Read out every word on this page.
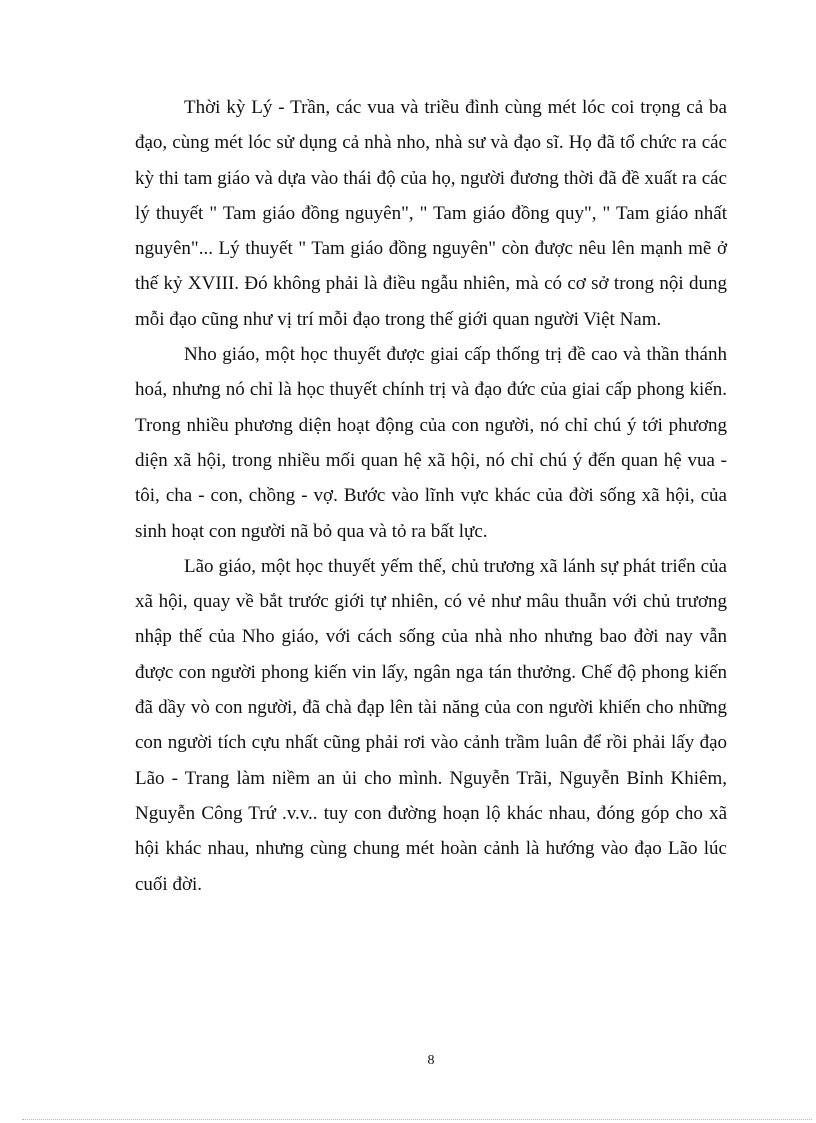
Thời kỳ Lý - Trần, các vua và triều đình cùng mét lóc coi trọng cả ba đạo, cùng mét lóc sử dụng cả nhà nho, nhà sư và đạo sĩ. Họ đã tổ chức ra các kỳ thi tam giáo và dựa vào thái độ của họ, người đương thời đã đề xuất ra các lý thuyết " Tam giáo đồng nguyên", " Tam giáo đồng quy", " Tam giáo nhất nguyên"... Lý thuyết " Tam giáo đồng nguyên" còn được nêu lên mạnh mẽ ở thế kỷ XVIII. Đó không phải là điều ngẫu nhiên, mà có cơ sở trong nội dung mỗi đạo cũng như vị trí mỗi đạo trong thế giới quan người Việt Nam.

Nho giáo, một học thuyết được giai cấp thống trị đề cao và thần thánh hoá, nhưng nó chỉ là học thuyết chính trị và đạo đức của giai cấp phong kiến. Trong nhiều phương diện hoạt động của con người, nó chỉ chú ý tới phương diện xã hội, trong nhiều mối quan hệ xã hội, nó chỉ chú ý đến quan hệ vua - tôi, cha - con, chồng - vợ. Bước vào lĩnh vực khác của đời sống xã hội, của sinh hoạt con người nã bỏ qua và tỏ ra bất lực.

Lão giáo, một học thuyết yếm thế, chủ trương xã lánh sự phát triển của xã hội, quay về bắt trước giới tự nhiên, có vẻ như mâu thuẫn với chủ trương nhập thế của Nho giáo, với cách sống của nhà nho nhưng bao đời nay vẫn được con người phong kiến vin lấy, ngân nga tán thưởng. Chế độ phong kiến đã dầy vò con người, đã chà đạp lên tài năng của con người khiến cho những con người tích cựu nhất cũng phải rơi vào cảnh trầm luân để rồi phải lấy đạo Lão - Trang làm niềm an ủi cho mình. Nguyễn Trãi, Nguyễn Bỉnh Khiêm, Nguyễn Công Trứ .v.v.. tuy con đường hoạn lộ khác nhau, đóng góp cho xã hội khác nhau, nhưng cùng chung mét hoàn cảnh là hướng vào đạo Lão lúc cuối đời.

8
